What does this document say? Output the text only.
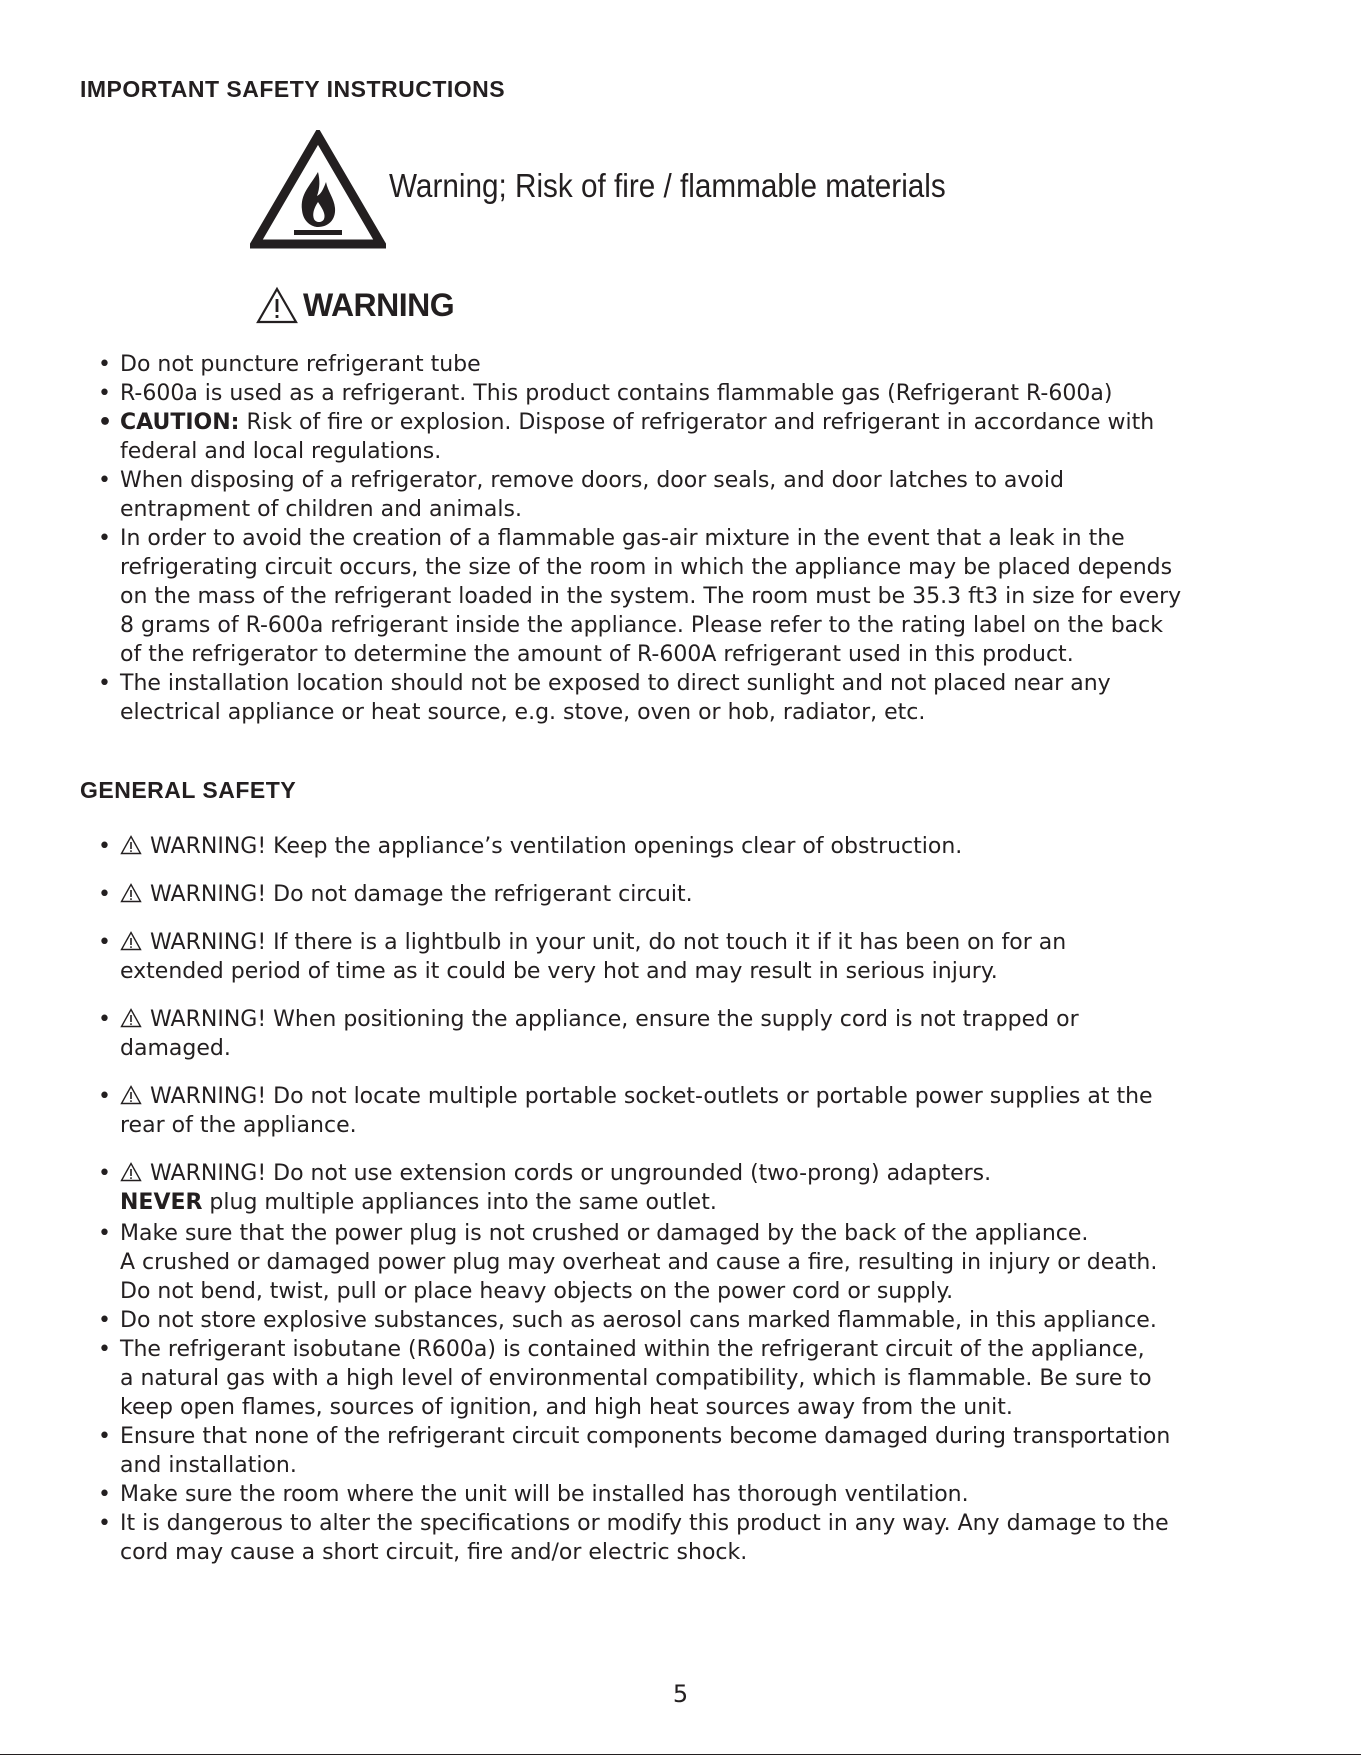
IMPORTANT SAFETY INSTRUCTIONS
Warning; Risk of fire / flammable materials
WARNING
• Do not puncture refrigerant tube
• R-600a is used as a refrigerant. This product contains flammable gas (Refrigerant R-600a)
• CAUTION: Risk of fire or explosion. Dispose of refrigerator and refrigerant in accordance with
federal and local regulations.
• When disposing of a refrigerator, remove doors, door seals, and door latches to avoid
entrapment of children and animals.
• In order to avoid the creation of a flammable gas-air mixture in the event that a leak in the
refrigerating circuit occurs, the size of the room in which the appliance may be placed depends
on the mass of the refrigerant loaded in the system. The room must be 35.3 ft3 in size for every
8 grams of R-600a refrigerant inside the appliance. Please refer to the rating label on the back
of the refrigerator to determine the amount of R-600A refrigerant used in this product.
• The installation location should not be exposed to direct sunlight and not placed near any
electrical appliance or heat source, e.g. stove, oven or hob, radiator, etc.
GENERAL SAFETY
• WARNING! Keep the appliance’s ventilation openings clear of obstruction.
• WARNING! Do not damage the refrigerant circuit.
• WARNING! If there is a lightbulb in your unit, do not touch it if it has been on for an
extended period of time as it could be very hot and may result in serious injury.
• WARNING! When positioning the appliance, ensure the supply cord is not trapped or
damaged.
• WARNING! Do not locate multiple portable socket-outlets or portable power supplies at the
rear of the appliance.
• WARNING! Do not use extension cords or ungrounded (two-prong) adapters.
NEVER plug multiple appliances into the same outlet.
• Make sure that the power plug is not crushed or damaged by the back of the appliance.
A crushed or damaged power plug may overheat and cause a fire, resulting in injury or death.
Do not bend, twist, pull or place heavy objects on the power cord or supply.
• Do not store explosive substances, such as aerosol cans marked flammable, in this appliance.
• The refrigerant isobutane (R600a) is contained within the refrigerant circuit of the appliance,
a natural gas with a high level of environmental compatibility, which is flammable. Be sure to
keep open flames, sources of ignition, and high heat sources away from the unit.
• Ensure that none of the refrigerant circuit components become damaged during transportation
and installation.
• Make sure the room where the unit will be installed has thorough ventilation.
• It is dangerous to alter the specifications or modify this product in any way. Any damage to the
cord may cause a short circuit, fire and/or electric shock.
5
